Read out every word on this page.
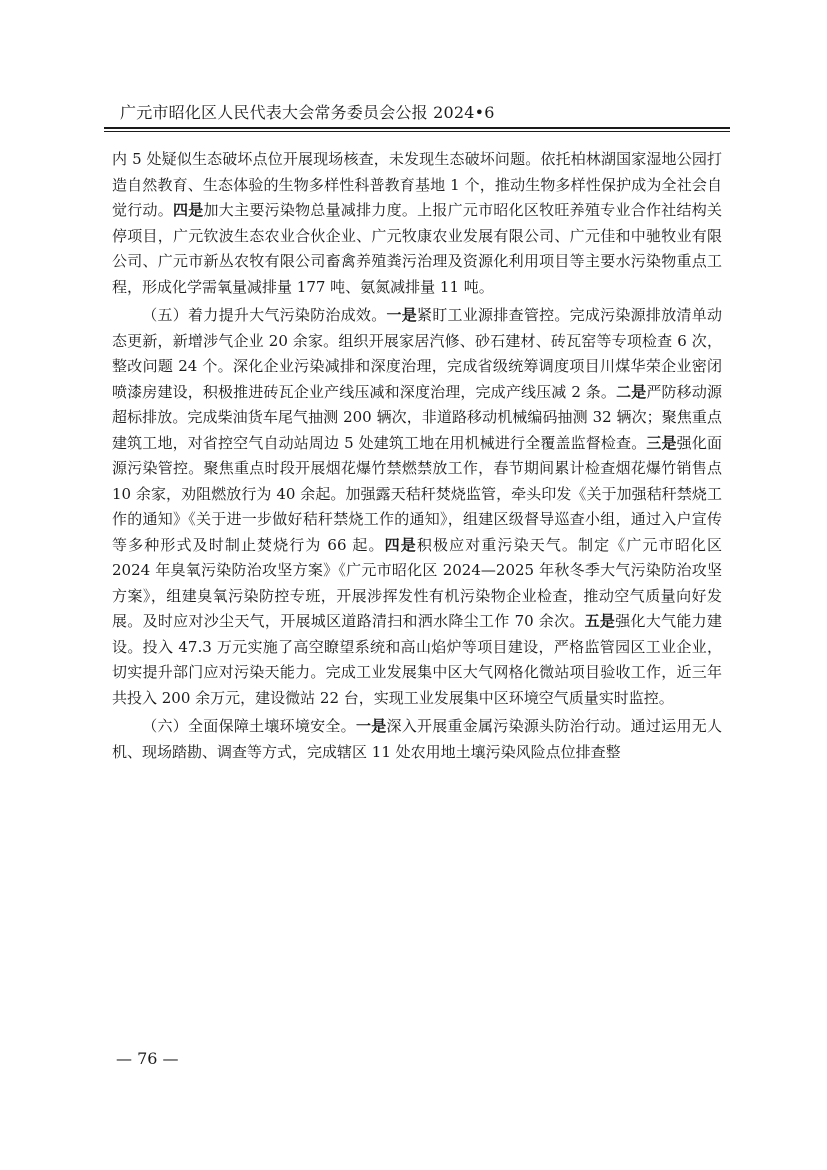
广元市昭化区人民代表大会常务委员会公报 2024•6

内 5 处疑似生态破坏点位开展现场核查，未发现生态破坏问题。依托柏林湖国家湿地公园打造自然教育、生态体验的生物多样性科普教育基地 1 个，推动生物多样性保护成为全社会自觉行动。四是加大主要污染物总量减排力度。上报广元市昭化区牧旺养殖专业合作社结构关停项目，广元钦波生态农业合伙企业、广元牧康农业发展有限公司、广元佳和中驰牧业有限公司、广元市新丛农牧有限公司畜禽养殖粪污治理及资源化利用项目等主要水污染物重点工程，形成化学需氧量减排量 177 吨、氨氮减排量 11 吨。

（五）着力提升大气污染防治成效。一是紧盯工业源排查管控。完成污染源排放清单动态更新，新增涉气企业 20 余家。组织开展家居汽修、砂石建材、砖瓦窑等专项检查 6 次，整改问题 24 个。深化企业污染减排和深度治理，完成省级统筹调度项目川煤华荣企业密闭喷漆房建设，积极推进砖瓦企业产线压减和深度治理，完成产线压减 2 条。二是严防移动源超标排放。完成柴油货车尾气抽测 200 辆次，非道路移动机械编码抽测 32 辆次；聚焦重点建筑工地，对省控空气自动站周边 5 处建筑工地在用机械进行全覆盖监督检查。三是强化面源污染管控。聚焦重点时段开展烟花爆竹禁燃禁放工作，春节期间累计检查烟花爆竹销售点 10 余家，劝阻燃放行为 40 余起。加强露天秸秆焚烧监管，牵头印发《关于加强秸秆禁烧工作的通知》《关于进一步做好秸秆禁烧工作的通知》，组建区级督导巡查小组，通过入户宣传等多种形式及时制止焚烧行为 66 起。四是积极应对重污染天气。制定《广元市昭化区 2024 年臭氧污染防治攻坚方案》《广元市昭化区 2024—2025 年秋冬季大气污染防治攻坚方案》，组建臭氧污染防控专班，开展涉挥发性有机污染物企业检查，推动空气质量向好发展。及时应对沙尘天气，开展城区道路清扫和洒水降尘工作 70 余次。五是强化大气能力建设。投入 47.3 万元实施了高空瞭望系统和高山焰炉等项目建设，严格监管园区工业企业，切实提升部门应对污染天能力。完成工业发展集中区大气网格化微站项目验收工作，近三年共投入 200 余万元，建设微站 22 台，实现工业发展集中区环境空气质量实时监控。

（六）全面保障土壤环境安全。一是深入开展重金属污染源头防治行动。通过运用无人机、现场踏勘、调查等方式，完成辖区 11 处农用地土壤污染风险点位排查整

— 76 —
